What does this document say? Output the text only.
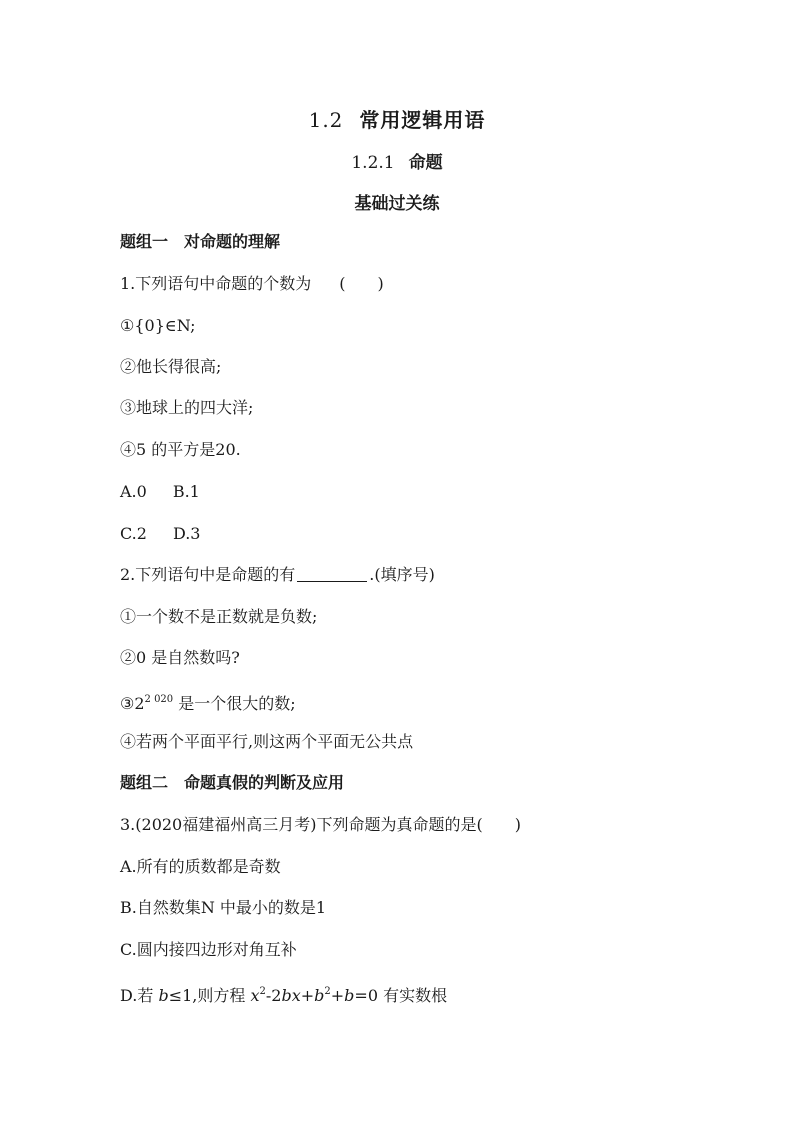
1.2 常用逻辑用语
1.2.1 命题
基础过关练
题组一 对命题的理解
1.下列语句中命题的个数为 (　　)
①{0}∈N;
②他长得很高;
③地球上的四大洋;
④5 的平方是20.
A.0 B.1
C.2 D.3
2.下列语句中是命题的有	.(填序号)
①一个数不是正数就是负数;
②0 是自然数吗?
$③2^{2 020}$ 是一个很大的数;
④若两个平面平行,则这两个平面无公共点
题组二 命题真假的判断及应用
3.(2020福建福州高三月考)下列命题为真命题的是(　　)
A.所有的质数都是奇数
B.自然数集N 中最小的数是1
C.圆内接四边形对角互补
D.若 b≤1,则方程 $x^2-2bx+b^2+b=0$ 有实数根
